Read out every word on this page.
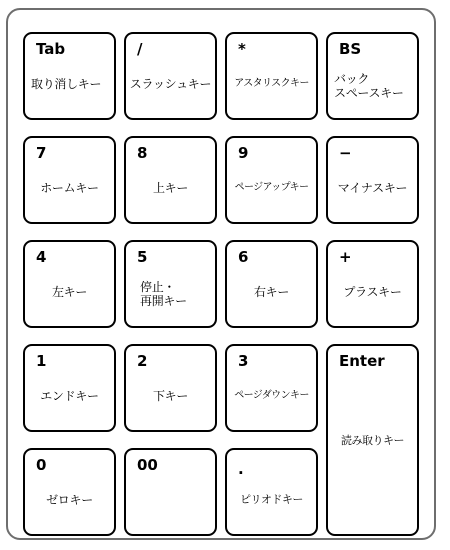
Tab
取り消しキー
/
スラッシュキー
*
アスタリスクキー
BS
バック
スペースキー
7
ホームキー
8
上キー
9
ページアップキー
−
マイナスキー
4
左キー
5
停止・
再開キー
6
右キー
+
プラスキー
1
エンドキー
2
下キー
3
ページダウンキー
Enter
読み取りキー
0
ゼロキー
00	.
ピリオドキー
